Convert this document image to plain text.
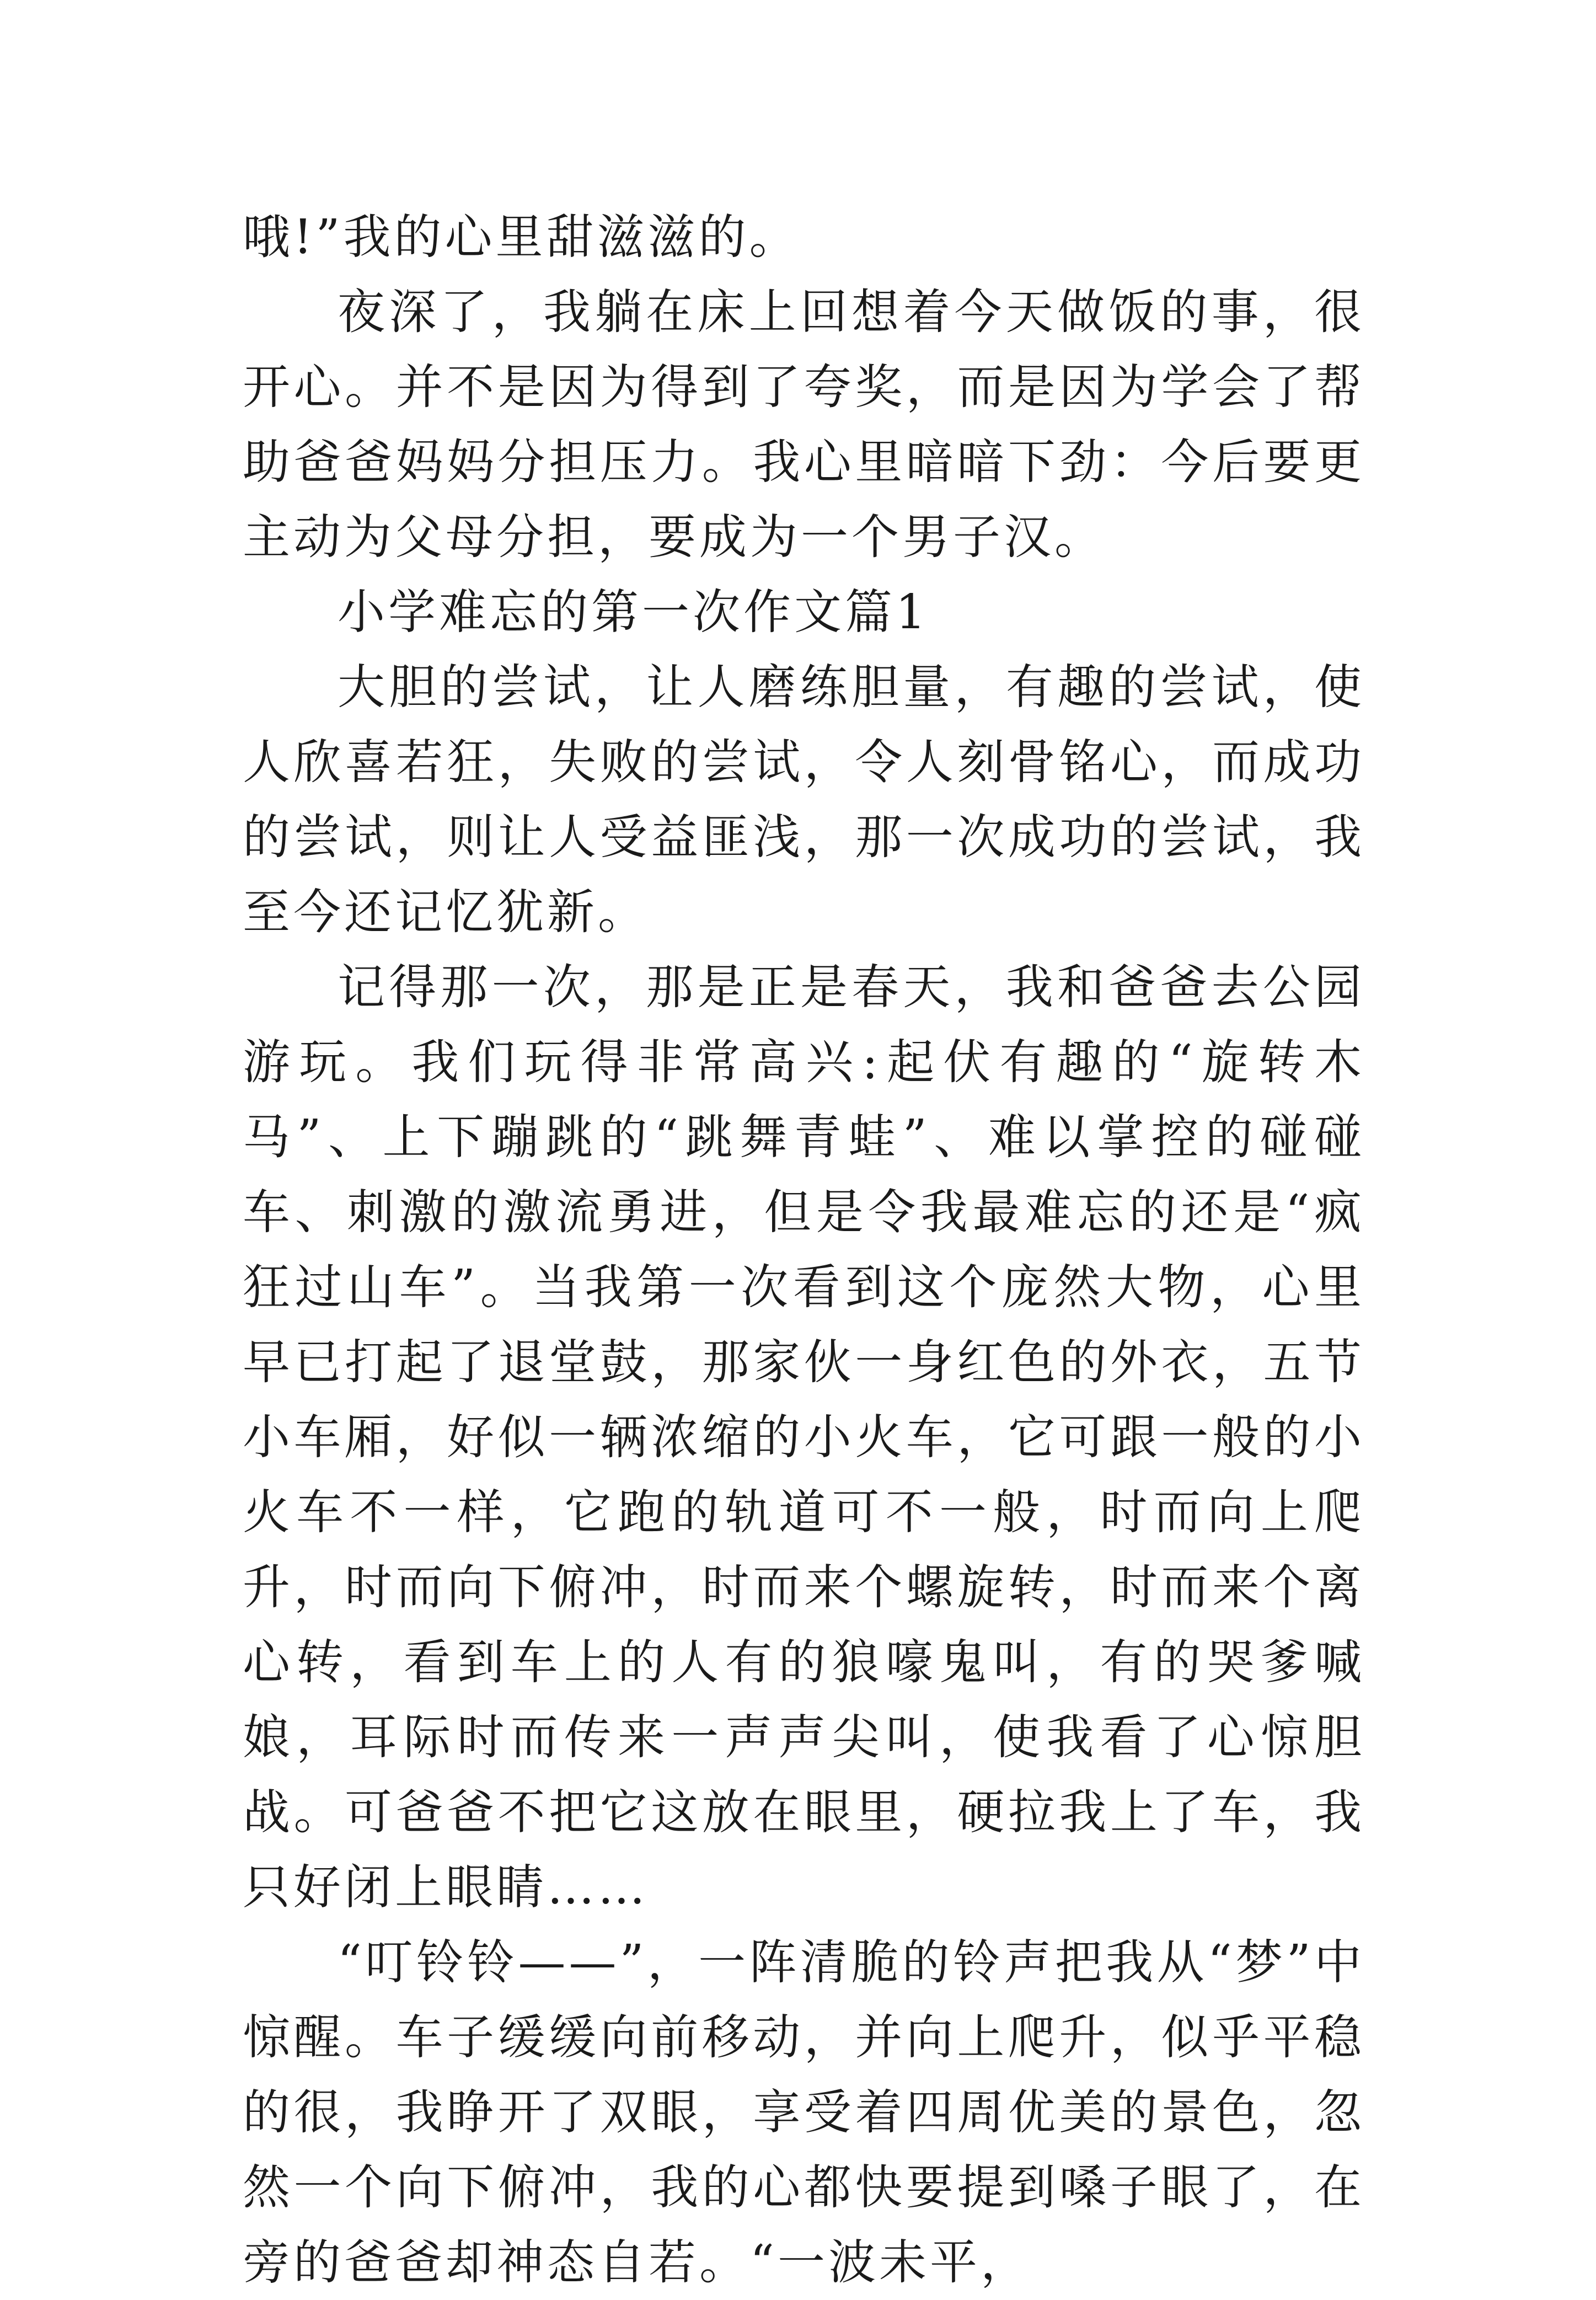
哦!”我的心里甜滋滋的。

夜深了，我躺在床上回想着今天做饭的事，很开心。并不是因为得到了夸奖，而是因为学会了帮助爸爸妈妈分担压力。我心里暗暗下劲：今后要更主动为父母分担，要成为一个男子汉。

小学难忘的第一次作文篇1

大胆的尝试，让人磨练胆量，有趣的尝试，使人欣喜若狂，失败的尝试，令人刻骨铭心，而成功的尝试，则让人受益匪浅，那一次成功的尝试，我至今还记忆犹新。

记得那一次，那是正是春天，我和爸爸去公园游玩。我们玩得非常高兴:起伏有趣的“旋转木马”、上下蹦跳的“跳舞青蛙”、难以掌控的碰碰车、刺激的激流勇进，但是令我最难忘的还是“疯狂过山车”。当我第一次看到这个庞然大物，心里早已打起了退堂鼓，那家伙一身红色的外衣，五节小车厢，好似一辆浓缩的小火车，它可跟一般的小火车不一样，它跑的轨道可不一般，时而向上爬升，时而向下俯冲，时而来个螺旋转，时而来个离心转，看到车上的人有的狼嚎鬼叫，有的哭爹喊娘，耳际时而传来一声声尖叫，使我看了心惊胆战。可爸爸不把它这放在眼里，硬拉我上了车，我只好闭上眼睛……

“叮铃铃——”，一阵清脆的铃声把我从“梦”中惊醒。车子缓缓向前移动，并向上爬升，似乎平稳的很，我睁开了双眼，享受着四周优美的景色，忽然一个向下俯冲，我的心都快要提到嗓子眼了，在旁的爸爸却神态自若。“一波未平，
